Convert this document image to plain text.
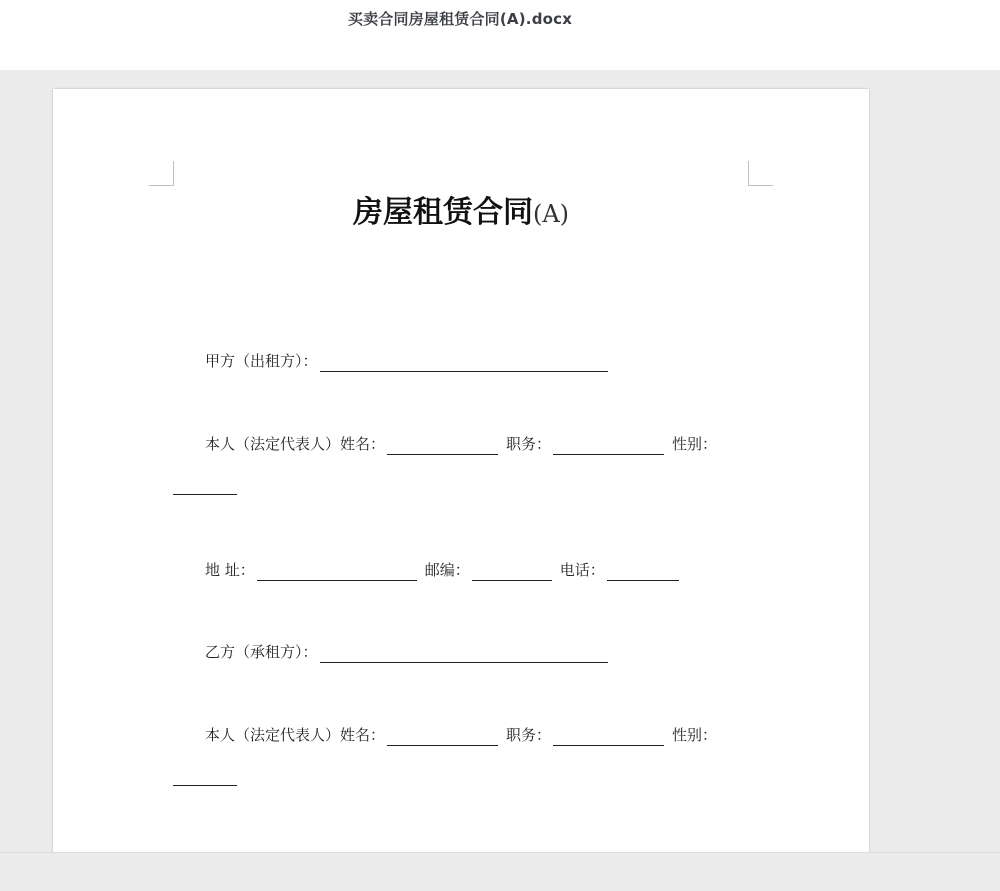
买卖合同房屋租赁合同(A).docx
房屋租赁合同(A)
甲方（出租方）：
本人（法定代表人）姓名：	职务：	性别：
地 址：	邮编：	电话：
乙方（承租方）：
本人（法定代表人）姓名：	职务：	性别：
